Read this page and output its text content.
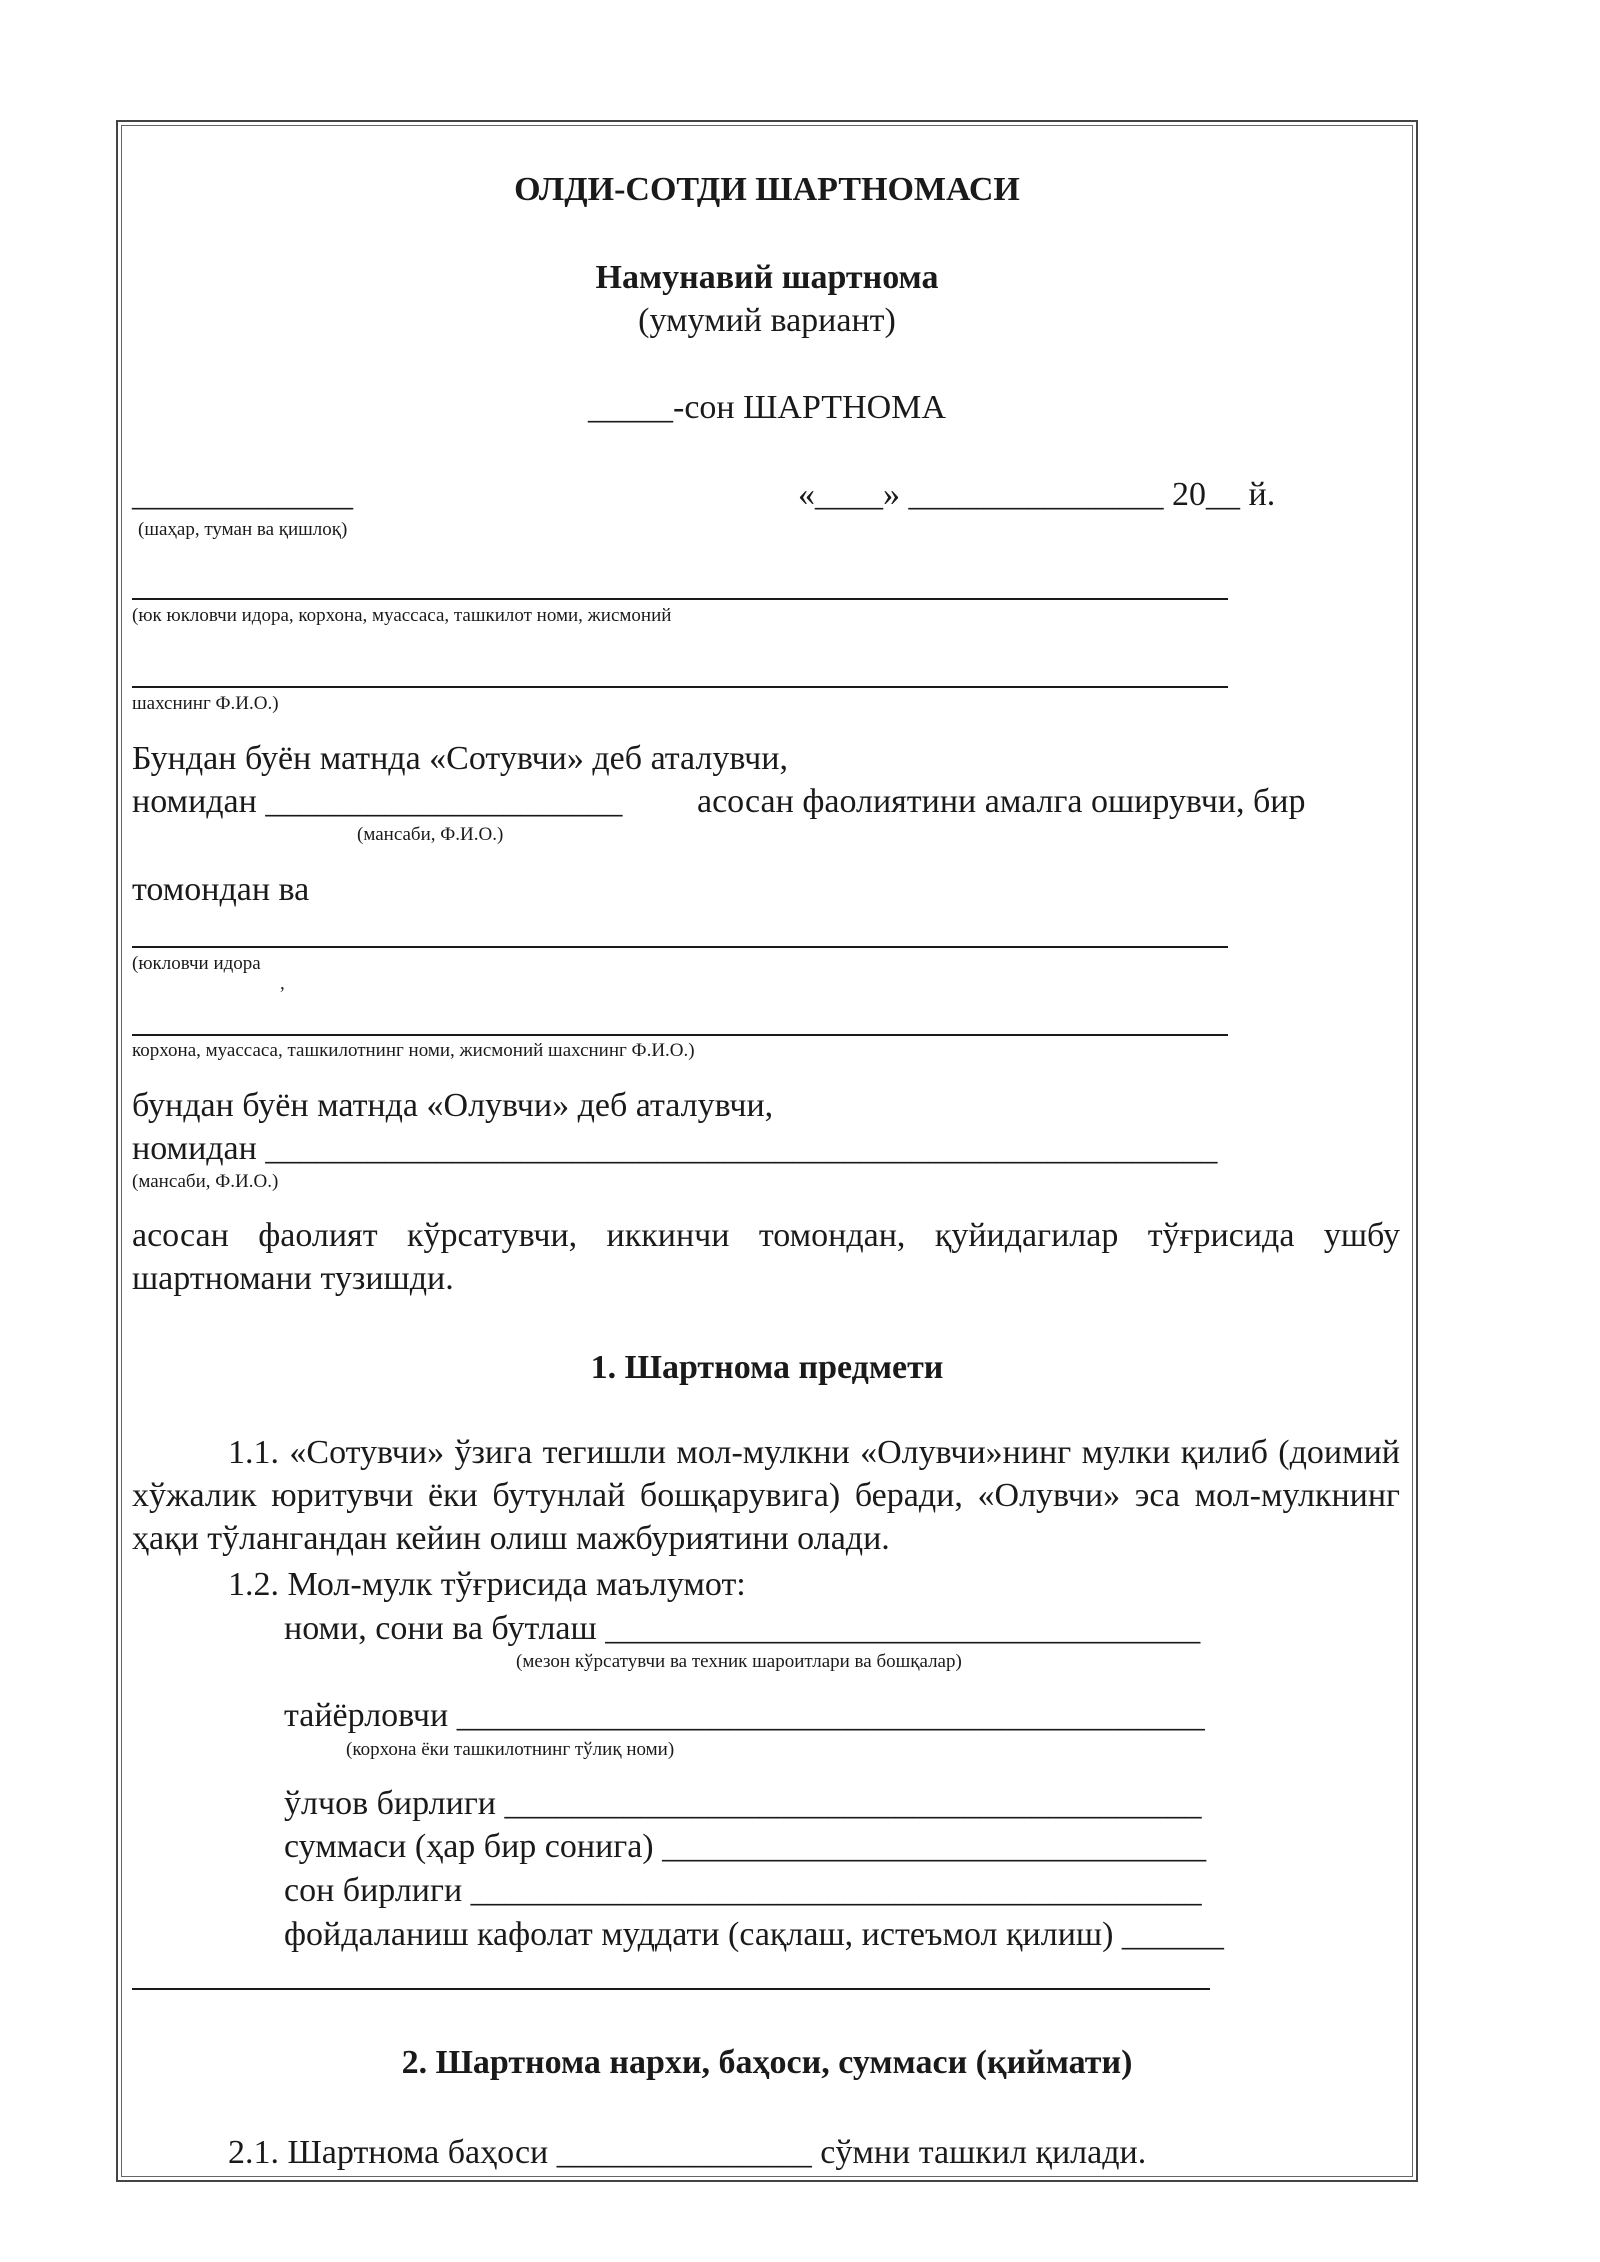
ОЛДИ-СОТДИ ШАРТНОМАСИ
Намунавий шартнома
(умумий вариант)
_____-сон ШАРТНОМА
_____________	«____» _______________ 20__ й.
(шаҳар, туман ва қишлоқ)
(юк юкловчи идора, корхона, муассаса, ташкилот номи, жисмоний
шахснинг Ф.И.О.)
Бундан буён матнда «Сотувчи» деб аталувчи,
номидан _____________________ асосан фаолиятини амалга оширувчи, бир
(мансаби, Ф.И.О.)
томондан ва
(юкловчи идора
,
корхона, муассаса, ташкилотнинг номи, жисмоний шахснинг Ф.И.О.)
бундан буён матнда «Олувчи» деб аталувчи,
номидан ________________________________________________________
(мансаби, Ф.И.О.)
асосан фаолият кўрсатувчи, иккинчи томондан, қуйидагилар тўғрисида ушбу шартномани тузишди.
1. Шартнома предмети
1.1. «Сотувчи» ўзига тегишли мол-мулкни «Олувчи»нинг мулки қилиб (доимий хўжалик юритувчи ёки бутунлай бошқарувига) беради, «Олувчи» эса мол-мулкнинг ҳақи тўлангандан кейин олиш мажбуриятини олади.
1.2. Мол-мулк тўғрисида маълумот:
номи, сони ва бутлаш ___________________________________
(мезон кўрсатувчи ва техник шароитлари ва бошқалар)
тайёрловчи ____________________________________________
(корхона ёки ташкилотнинг тўлиқ номи)
ўлчов бирлиги _________________________________________
суммаси (ҳар бир сонига) ________________________________
сон бирлиги ___________________________________________
фойдаланиш кафолат муддати (сақлаш, истеъмол қилиш) ______
2. Шартнома нархи, баҳоси, суммаси (қиймати)
2.1. Шартнома баҳоси _______________ сўмни ташкил қилади.
